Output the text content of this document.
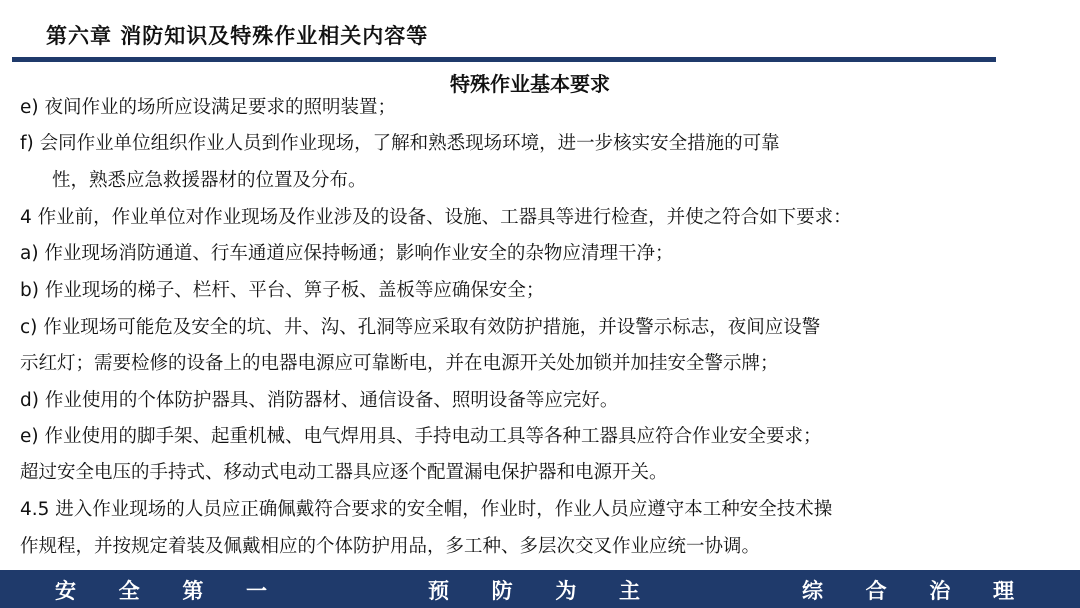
第六章 消防知识及特殊作业相关内容等
特殊作业基本要求
e) 夜间作业的场所应设满足要求的照明装置；
f) 会同作业单位组织作业人员到作业现场，了解和熟悉现场环境，进一步核实安全措施的可靠
性，熟悉应急救援器材的位置及分布。
4 作业前，作业单位对作业现场及作业涉及的设备、设施、工器具等进行检查，并使之符合如下要求：
a) 作业现场消防通道、行车通道应保持畅通；影响作业安全的杂物应清理干净；
b) 作业现场的梯子、栏杆、平台、箅子板、盖板等应确保安全；
c) 作业现场可能危及安全的坑、井、沟、孔洞等应采取有效防护措施，并设警示标志，夜间应设警
示红灯；需要检修的设备上的电器电源应可靠断电，并在电源开关处加锁并加挂安全警示牌；
d) 作业使用的个体防护器具、消防器材、通信设备、照明设备等应完好。
e) 作业使用的脚手架、起重机械、电气焊用具、手持电动工具等各种工器具应符合作业安全要求；
超过安全电压的手持式、移动式电动工器具应逐个配置漏电保护器和电源开关。
4.5 进入作业现场的人员应正确佩戴符合要求的安全帽，作业时，作业人员应遵守本工种安全技术操
作规程，并按规定着装及佩戴相应的个体防护用品，多工种、多层次交叉作业应统一协调。
安 全 第 一	预 防 为 主	综 合 治 理
